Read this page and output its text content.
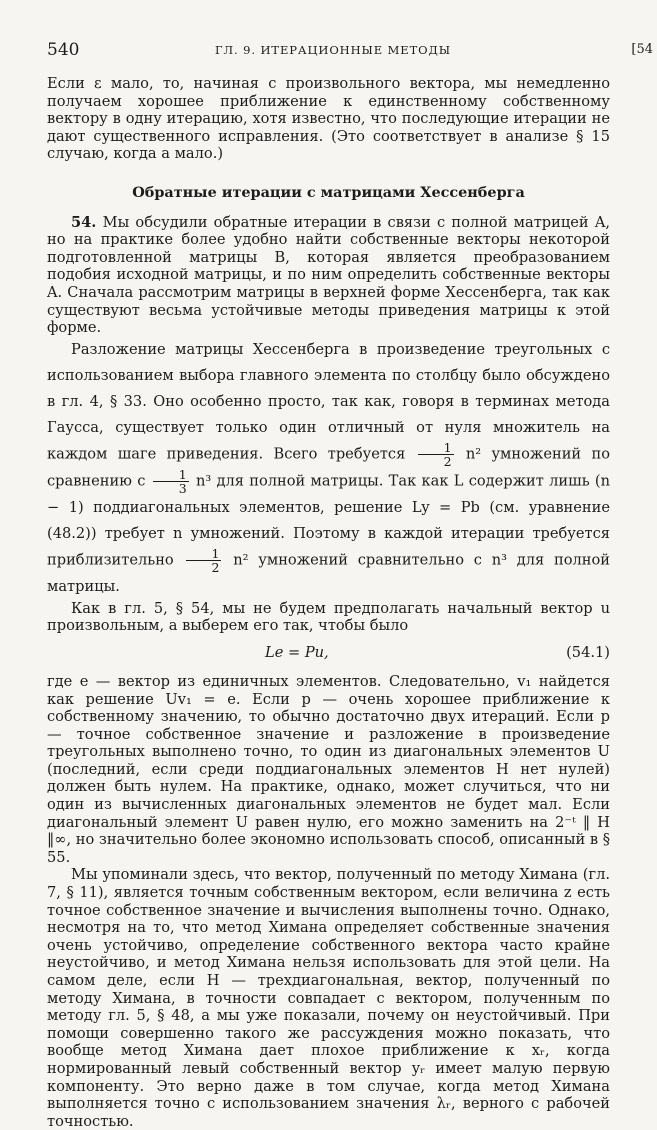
540	ГЛ. 9. ИТЕРАЦИОННЫЕ МЕТОДЫ	[54

Если ε мало, то, начиная с произвольного вектора, мы немедленно получаем хорошее приближение к единственному собственному вектору в одну итерацию, хотя известно, что последующие итерации не дают существенного исправления. (Это соответствует в анализе § 15 случаю, когда a мало.)

Обратные итерации с матрицами Хессенберга

54. Мы обсудили обратные итерации в связи с полной матрицей A, но на практике более удобно найти собственные векторы некоторой подготовленной матрицы B, которая является преобразованием подобия исходной матрицы, и по ним определить собственные векторы A. Сначала рассмотрим матрицы в верхней форме Хессенберга, так как существуют весьма устойчивые методы приведения матрицы к этой форме.

Разложение матрицы Хессенберга в произведение треугольных с использованием выбора главного элемента по столбцу было обсуждено в гл. 4, § 33. Оно особенно просто, так как, говоря в терминах метода Гаусса, существует только один отличный от нуля множитель на каждом шаге приведения. Всего требуется $\frac{1}{2} n^2$ умножений по сравнению с $\frac{1}{3} n^3$ для полной матрицы. Так как L содержит лишь (n − 1) поддиагональных элементов, решение Ly = Pb (см. уравнение (48.2)) требует n умножений. Поэтому в каждой итерации требуется приблизительно $\frac{1}{2} n^2$ умножений сравнительно с n³ для полной матрицы.

Как в гл. 5, § 54, мы не будем предполагать начальный вектор u произвольным, а выберем его так, чтобы было

Le = Pu,	(54.1)

где e — вектор из единичных элементов. Следовательно, v₁ найдется как решение Uv₁ = e. Если p — очень хорошее приближение к собственному значению, то обычно достаточно двух итераций. Если p — точное собственное значение и разложение в произведение треугольных выполнено точно, то один из диагональных элементов U (последний, если среди поддиагональных элементов H нет нулей) должен быть нулем. На практике, однако, может случиться, что ни один из вычисленных диагональных элементов не будет мал. Если диагональный элемент U равен нулю, его можно заменить на 2⁻ᵗ ‖ H ‖∞, но значительно более экономно использовать способ, описанный в § 55.

Мы упоминали здесь, что вектор, полученный по методу Химана (гл. 7, § 11), является точным собственным вектором, если величина z есть точное собственное значение и вычисления выполнены точно. Однако, несмотря на то, что метод Химана определяет собственные значения очень устойчиво, определение собственного вектора часто крайне неустойчиво, и метод Химана нельзя использовать для этой цели. На самом деле, если H — трехдиагональная, вектор, полученный по методу Химана, в точности совпадает с вектором, полученным по методу гл. 5, § 48, а мы уже показали, почему он неустойчивый. При помощи совершенно такого же рассуждения можно показать, что вообще метод Химана дает плохое приближение к xᵣ, когда нормированный левый собственный вектор yᵣ имеет малую первую компоненту. Это верно даже в том случае, когда метод Химана выполняется точно с использованием значения λᵣ, верного с рабочей точностью.
